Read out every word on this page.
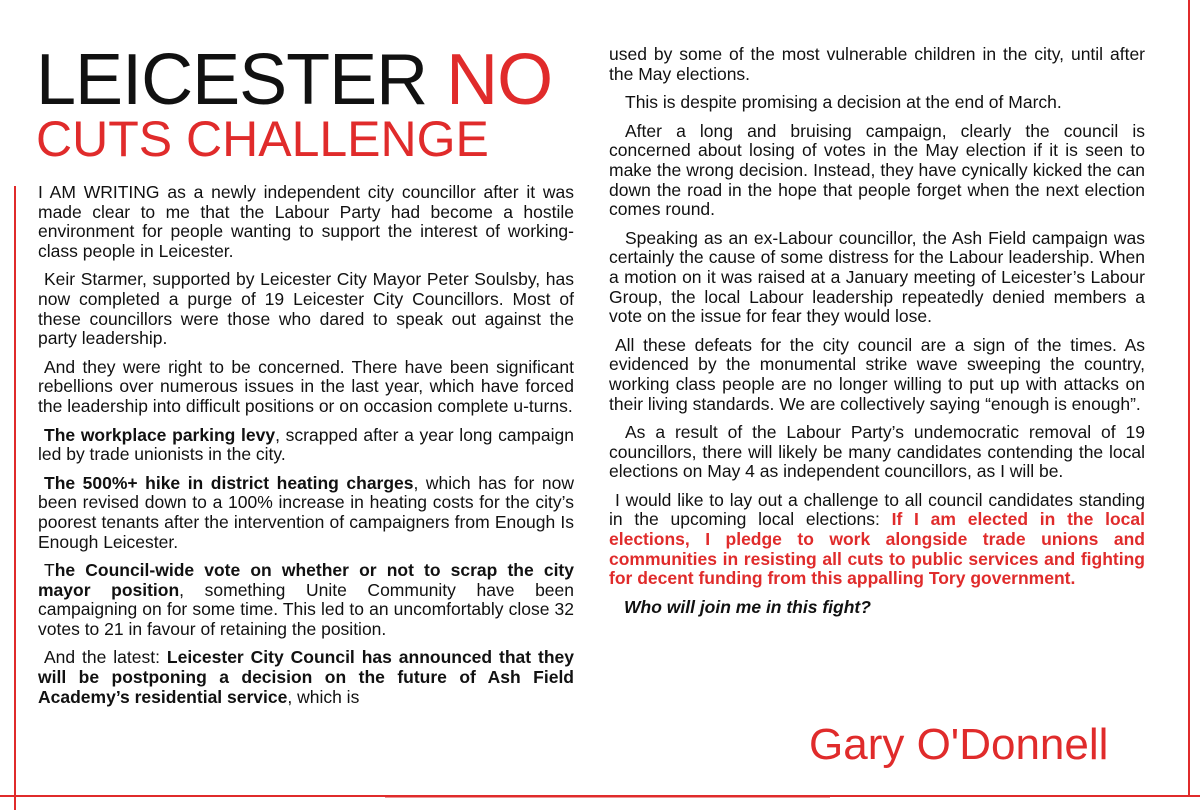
LEICESTER NO
CUTS CHALLENGE

I AM WRITING as a newly independent city councillor after it was made clear to me that the Labour Party had become a hostile environment for people wanting to support the interest of working-class people in Leicester.

Keir Starmer, supported by Leicester City Mayor Peter Soulsby, has now completed a purge of 19 Leicester City Councillors. Most of these councillors were those who dared to speak out against the party leadership.

And they were right to be concerned. There have been significant rebellions over numerous issues in the last year, which have forced the leadership into difficult positions or on occasion complete u-turns.

The workplace parking levy, scrapped after a year long campaign led by trade unionists in the city.

The 500%+ hike in district heating charges, which has for now been revised down to a 100% increase in heating costs for the city’s poorest tenants after the intervention of campaigners from Enough Is Enough Leicester.

The Council-wide vote on whether or not to scrap the city mayor position, something Unite Community have been campaigning on for some time. This led to an uncomfortably close 32 votes to 21 in favour of retaining the position.

And the latest: Leicester City Council has announced that they will be postponing a decision on the future of Ash Field Academy’s residential service, which is

used by some of the most vulnerable children in the city, until after the May elections.

This is despite promising a decision at the end of March.

After a long and bruising campaign, clearly the council is concerned about losing of votes in the May election if it is seen to make the wrong decision. Instead, they have cynically kicked the can down the road in the hope that people forget when the next election comes round.

Speaking as an ex-Labour councillor, the Ash Field campaign was certainly the cause of some distress for the Labour leadership. When a motion on it was raised at a January meeting of Leicester’s Labour Group, the local Labour leadership repeatedly denied members a vote on the issue for fear they would lose.

All these defeats for the city council are a sign of the times. As evidenced by the monumental strike wave sweeping the country, working class people are no longer willing to put up with attacks on their living standards. We are collectively saying “enough is enough”.

As a result of the Labour Party’s undemocratic removal of 19 councillors, there will likely be many candidates contending the local elections on May 4 as independent councillors, as I will be.

I would like to lay out a challenge to all council candidates standing in the upcoming local elections: If I am elected in the local elections, I pledge to work alongside trade unions and communities in resisting all cuts to public services and fighting for decent funding from this appalling Tory government.

Who will join me in this fight?

Gary O'Donnell
